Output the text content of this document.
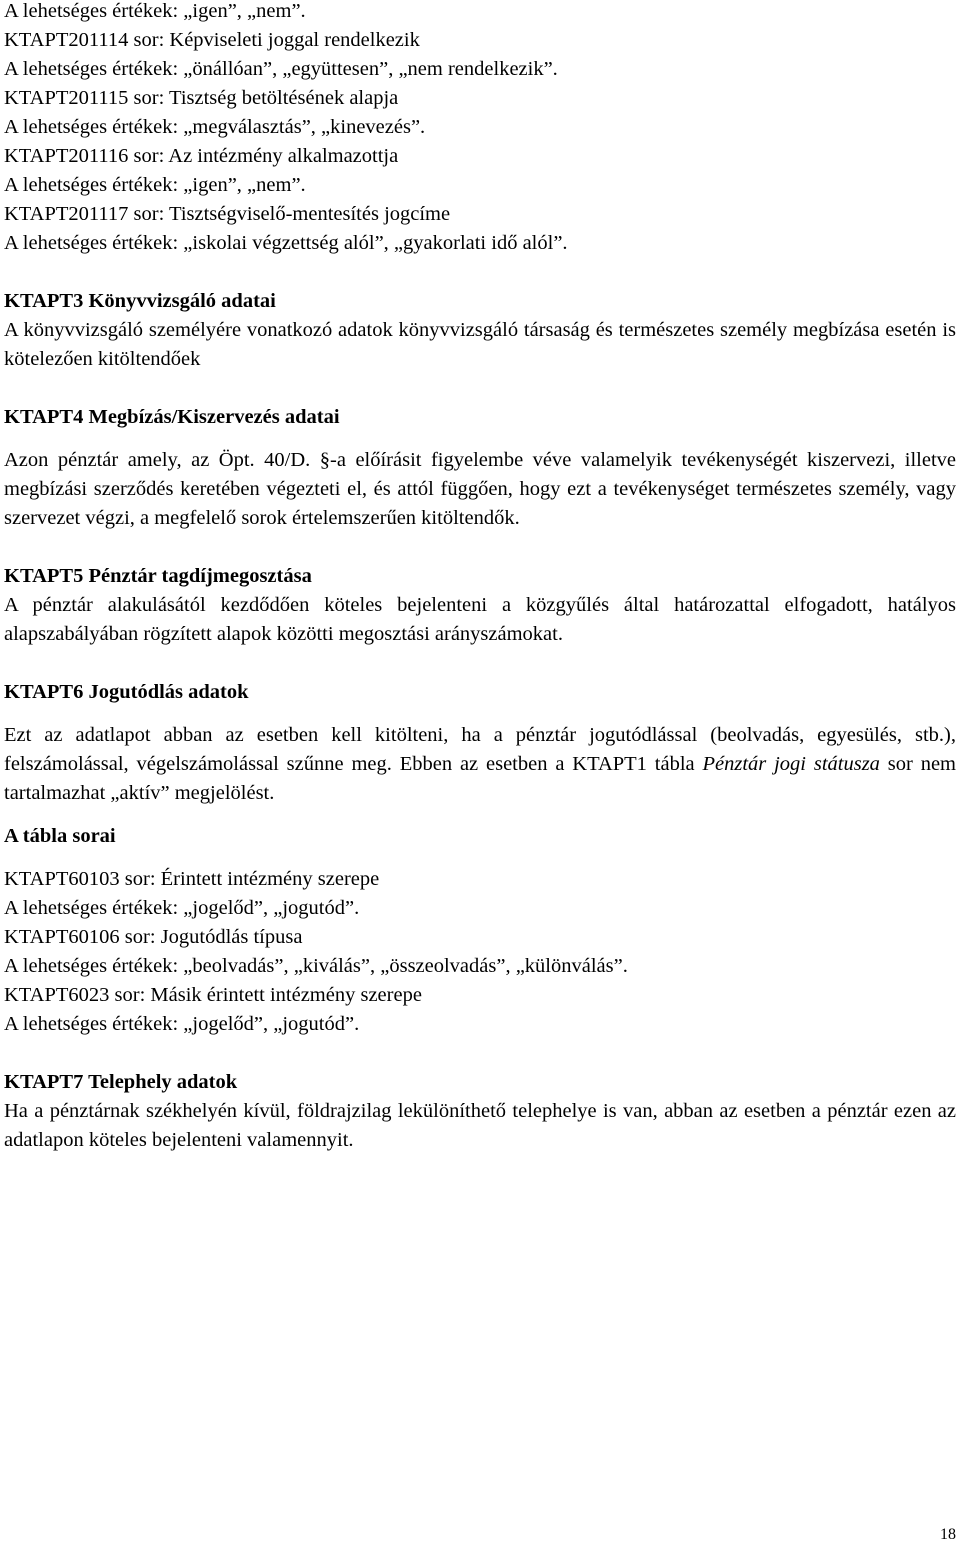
A lehetséges értékek: „igen”, „nem”.

KTAPT201114 sor: Képviseleti joggal rendelkezik

A lehetséges értékek: „önállóan”, „együttesen”, „nem rendelkezik”.

KTAPT201115 sor: Tisztség betöltésének alapja

A lehetséges értékek: „megválasztás”, „kinevezés”.

KTAPT201116 sor: Az intézmény alkalmazottja

A lehetséges értékek: „igen”, „nem”.

KTAPT201117 sor: Tisztségviselő-mentesítés jogcíme

A lehetséges értékek: „iskolai végzettség alól”, „gyakorlati idő alól”.

KTAPT3 Könyvvizsgáló adatai

A könyvvizsgáló személyére vonatkozó adatok könyvvizsgáló társaság és természetes személy megbízása esetén is kötelezően kitöltendőek

KTAPT4 Megbízás/Kiszervezés adatai

Azon pénztár amely, az Öpt. 40/D. §-a előírásit figyelembe véve valamelyik tevékenységét kiszervezi, illetve megbízási szerződés keretében végezteti el, és attól függően, hogy ezt a tevékenységet természetes személy, vagy szervezet végzi, a megfelelő sorok értelemszerűen kitöltendők.

KTAPT5 Pénztár tagdíjmegosztása

A pénztár alakulásától kezdődően köteles bejelenteni a közgyűlés által határozattal elfogadott, hatályos alapszabályában rögzített alapok közötti megosztási arányszámokat.

KTAPT6 Jogutódlás adatok

Ezt az adatlapot abban az esetben kell kitölteni, ha a pénztár jogutódlással (beolvadás, egyesülés, stb.), felszámolással, végelszámolással szűnne meg. Ebben az esetben a KTAPT1 tábla Pénztár jogi státusza sor nem tartalmazhat „aktív” megjelölést.

A tábla sorai

KTAPT60103 sor: Érintett intézmény szerepe

A lehetséges értékek: „jogelőd”, „jogutód”.

KTAPT60106 sor: Jogutódlás típusa

A lehetséges értékek: „beolvadás”, „kiválás”, „összeolvadás”, „különválás”.

KTAPT6023 sor: Másik érintett intézmény szerepe

A lehetséges értékek: „jogelőd”, „jogutód”.

KTAPT7 Telephely adatok

Ha a pénztárnak székhelyén kívül, földrajzilag lekülöníthető telephelye is van, abban az esetben a pénztár ezen az adatlapon köteles bejelenteni valamennyit.

18
